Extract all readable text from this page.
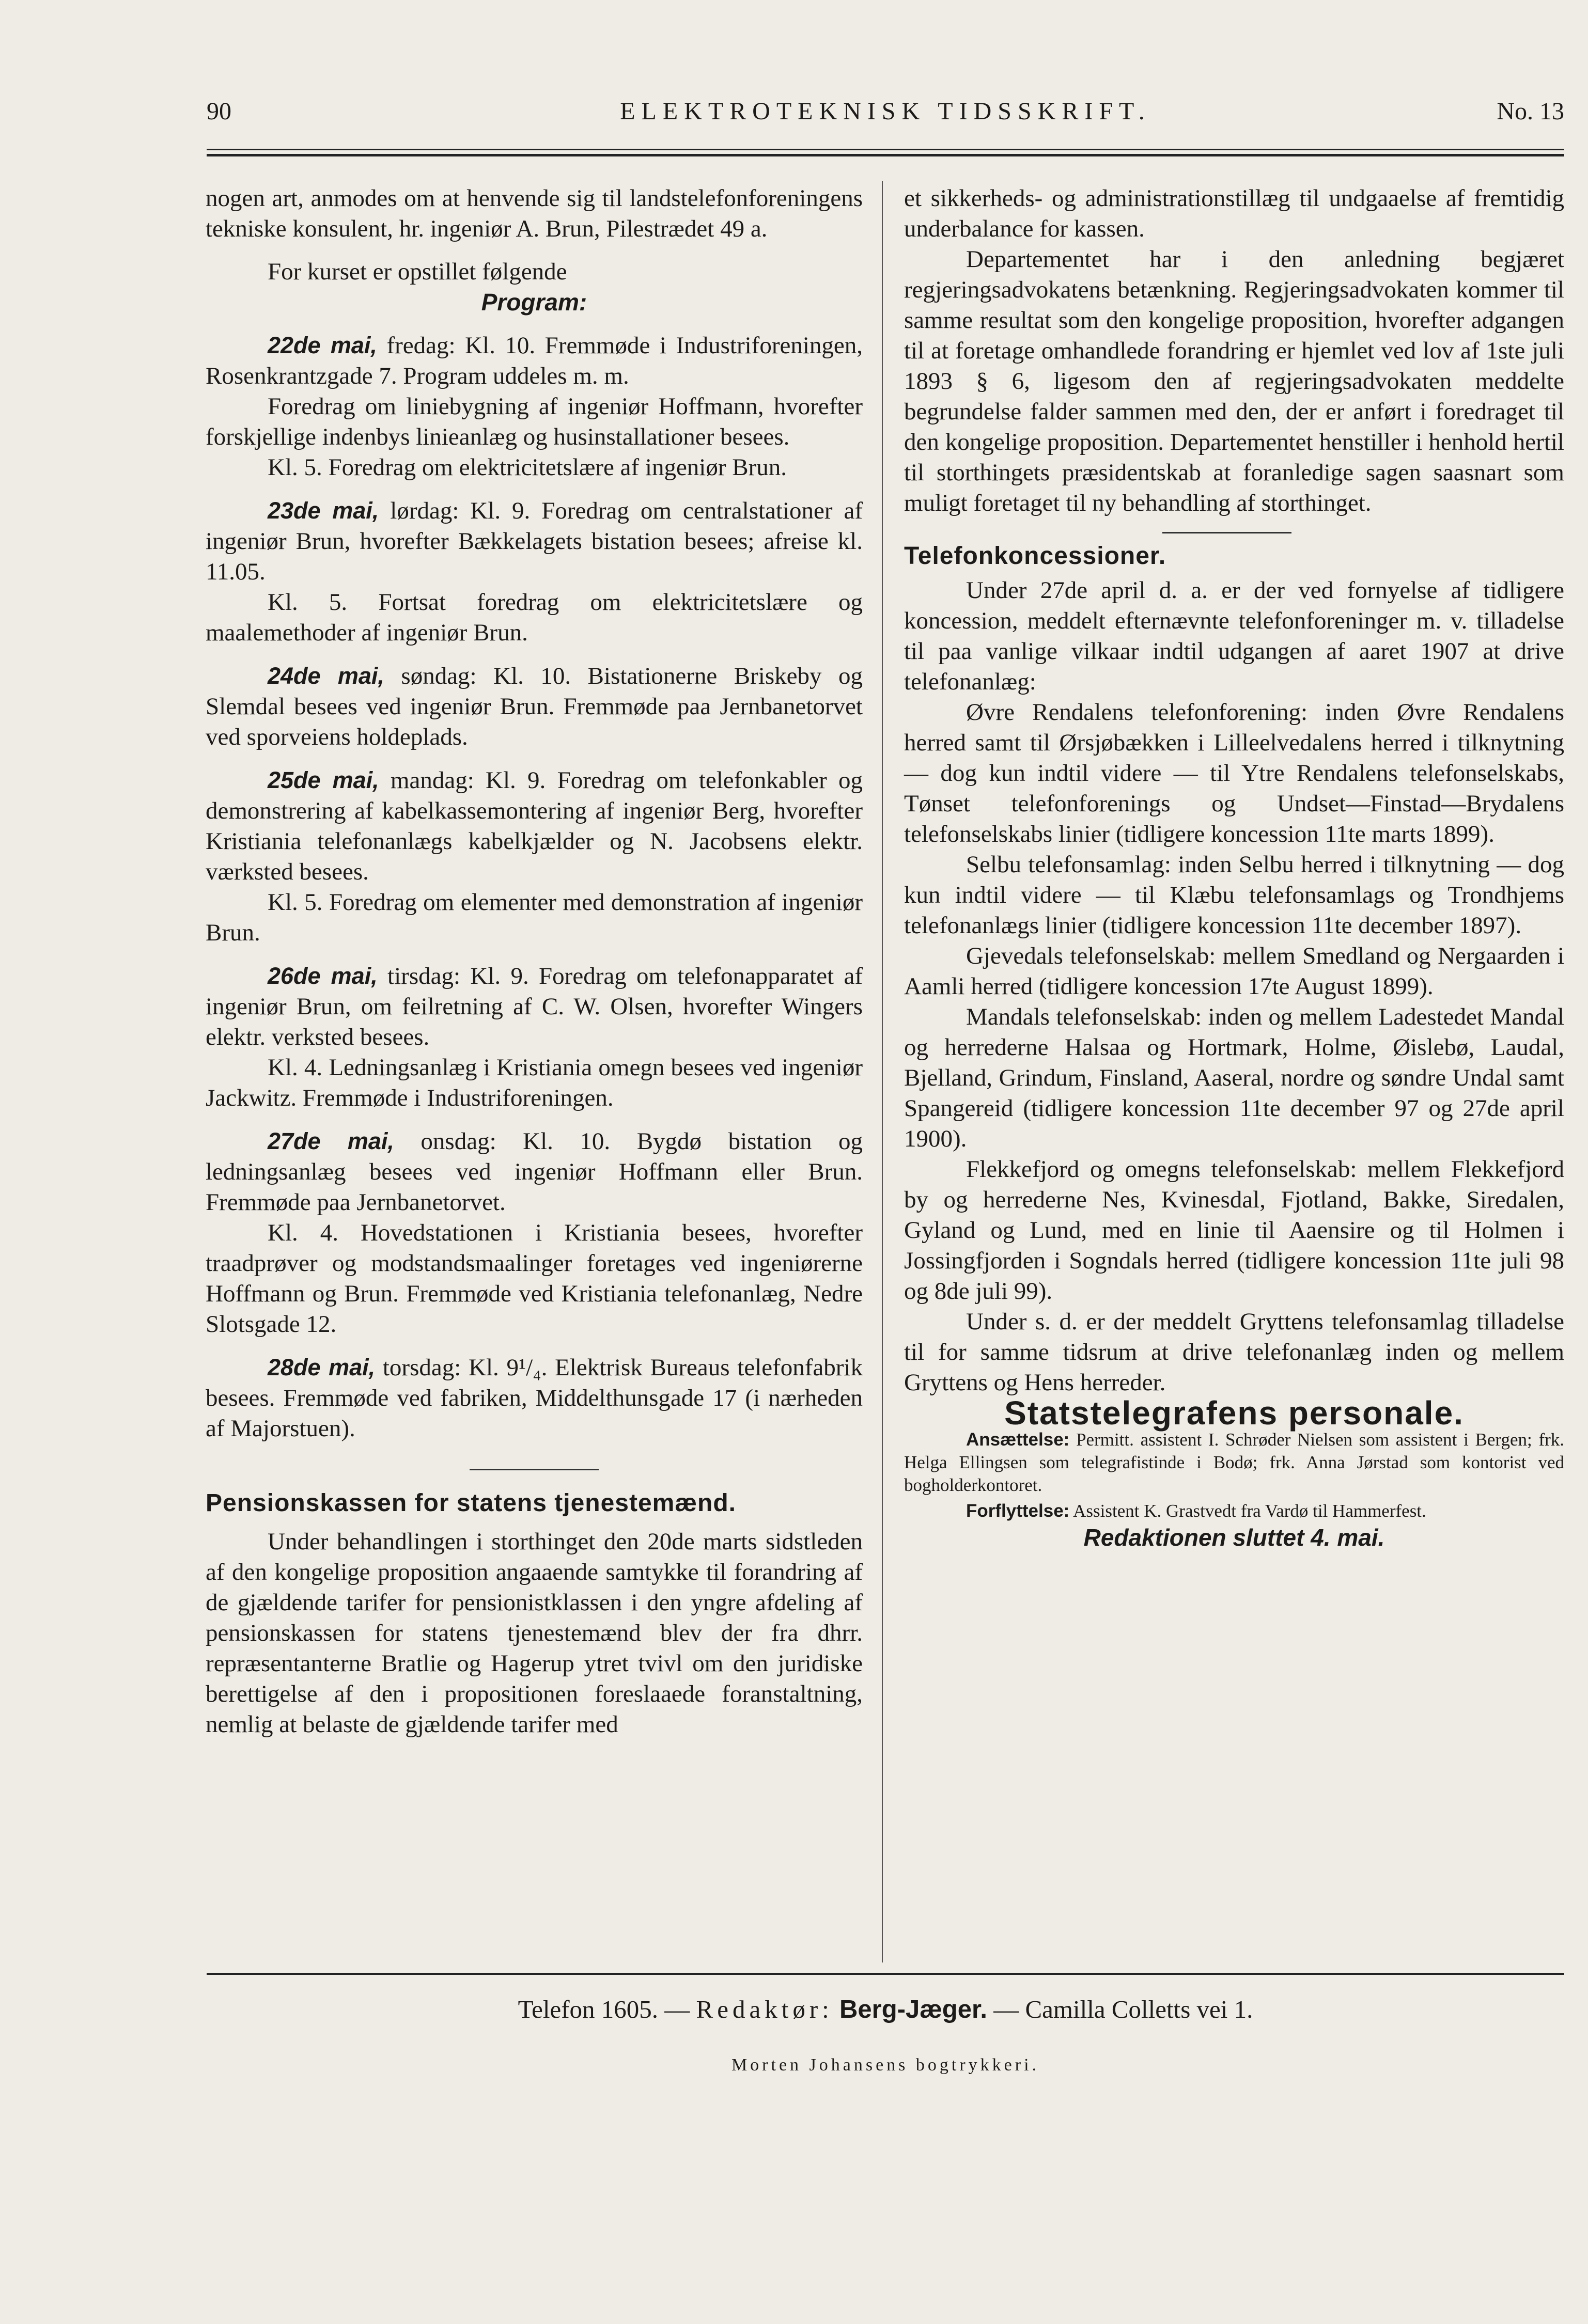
90	ELEKTROTEKNISK TIDSSKRIFT.	No. 13

nogen art, anmodes om at henvende sig til landstelefonforeningens tekniske konsulent, hr. ingeniør A. Brun, Pilestrædet 49 a.

For kurset er opstillet følgende

Program:

22de mai, fredag: Kl. 10. Fremmøde i Industriforeningen, Rosenkrantzgade 7. Program uddeles m. m.

Foredrag om liniebygning af ingeniør Hoffmann, hvorefter forskjellige indenbys linieanlæg og husinstallationer besees.

Kl. 5. Foredrag om elektricitetslære af ingeniør Brun.

23de mai, lørdag: Kl. 9. Foredrag om centralstationer af ingeniør Brun, hvorefter Bækkelagets bistation besees; afreise kl. 11.05.

Kl. 5. Fortsat foredrag om elektricitetslære og maalemethoder af ingeniør Brun.

24de mai, søndag: Kl. 10. Bistationerne Briskeby og Slemdal besees ved ingeniør Brun. Fremmøde paa Jernbanetorvet ved sporveiens holdeplads.

25de mai, mandag: Kl. 9. Foredrag om telefonkabler og demonstrering af kabelkassemontering af ingeniør Berg, hvorefter Kristiania telefonanlægs kabelkjælder og N. Jacobsens elektr. værksted besees.

Kl. 5. Foredrag om elementer med demonstration af ingeniør Brun.

26de mai, tirsdag: Kl. 9. Foredrag om telefonapparatet af ingeniør Brun, om feilretning af C. W. Olsen, hvorefter Wingers elektr. verksted besees.

Kl. 4. Ledningsanlæg i Kristiania omegn besees ved ingeniør Jackwitz. Fremmøde i Industriforeningen.

27de mai, onsdag: Kl. 10. Bygdø bistation og ledningsanlæg besees ved ingeniør Hoffmann eller Brun. Fremmøde paa Jernbanetorvet.

Kl. 4. Hovedstationen i Kristiania besees, hvorefter traadprøver og modstandsmaalinger foretages ved ingeniørerne Hoffmann og Brun. Fremmøde ved Kristiania telefonanlæg, Nedre Slotsgade 12.

28de mai, torsdag: Kl. 9¹/₄. Elektrisk Bureaus telefonfabrik besees. Fremmøde ved fabriken, Middelthunsgade 17 (i nærheden af Majorstuen).

Pensionskassen for statens tjenestemænd.

Under behandlingen i storthinget den 20de marts sidstleden af den kongelige proposition angaaende samtykke til forandring af de gjældende tarifer for pensionistklassen i den yngre afdeling af pensionskassen for statens tjenestemænd blev der fra dhrr. repræsentanterne Bratlie og Hagerup ytret tvivl om den juridiske berettigelse af den i propositionen foreslaaede foranstaltning, nemlig at belaste de gjældende tarifer med

et sikkerheds- og administrationstillæg til undgaaelse af fremtidig underbalance for kassen.

Departementet har i den anledning begjæret regjeringsadvokatens betænkning. Regjeringsadvokaten kommer til samme resultat som den kongelige proposition, hvorefter adgangen til at foretage omhandlede forandring er hjemlet ved lov af 1ste juli 1893 § 6, ligesom den af regjeringsadvokaten meddelte begrundelse falder sammen med den, der er anført i foredraget til den kongelige proposition. Departementet henstiller i henhold hertil til storthingets præsidentskab at foranledige sagen saasnart som muligt foretaget til ny behandling af storthinget.

Telefonkoncessioner.

Under 27de april d. a. er der ved fornyelse af tidligere koncession, meddelt efternævnte telefonforeninger m. v. tilladelse til paa vanlige vilkaar indtil udgangen af aaret 1907 at drive telefonanlæg:

Øvre Rendalens telefonforening: inden Øvre Rendalens herred samt til Ørsjøbækken i Lilleelvedalens herred i tilknytning — dog kun indtil videre — til Ytre Rendalens telefonselskabs, Tønset telefonforenings og Undset—Finstad—Brydalens telefonselskabs linier (tidligere koncession 11te marts 1899).

Selbu telefonsamlag: inden Selbu herred i tilknytning — dog kun indtil videre — til Klæbu telefonsamlags og Trondhjems telefonanlægs linier (tidligere koncession 11te december 1897).

Gjevedals telefonselskab: mellem Smedland og Nergaarden i Aamli herred (tidligere koncession 17te August 1899).

Mandals telefonselskab: inden og mellem Ladestedet Mandal og herrederne Halsaa og Hortmark, Holme, Øislebø, Laudal, Bjelland, Grindum, Finsland, Aaseral, nordre og søndre Undal samt Spangereid (tidligere koncession 11te december 97 og 27de april 1900).

Flekkefjord og omegns telefonselskab: mellem Flekkefjord by og herrederne Nes, Kvinesdal, Fjotland, Bakke, Siredalen, Gyland og Lund, med en linie til Aaensire og til Holmen i Jossingfjorden i Sogndals herred (tidligere koncession 11te juli 98 og 8de juli 99).

Under s. d. er der meddelt Gryttens telefonsamlag tilladelse til for samme tidsrum at drive telefonanlæg inden og mellem Gryttens og Hens herreder.

Statstelegrafens personale.

Ansættelse: Permitt. assistent I. Schrøder Nielsen som assistent i Bergen; frk. Helga Ellingsen som telegrafistinde i Bodø; frk. Anna Jørstad som kontorist ved bogholderkontoret.

Forflyttelse: Assistent K. Grastvedt fra Vardø til Hammerfest.

Redaktionen sluttet 4. mai.

Telefon 1605. — Redaktør: Berg-Jæger. — Camilla Colletts vei 1.
Morten Johansens bogtrykkeri.
